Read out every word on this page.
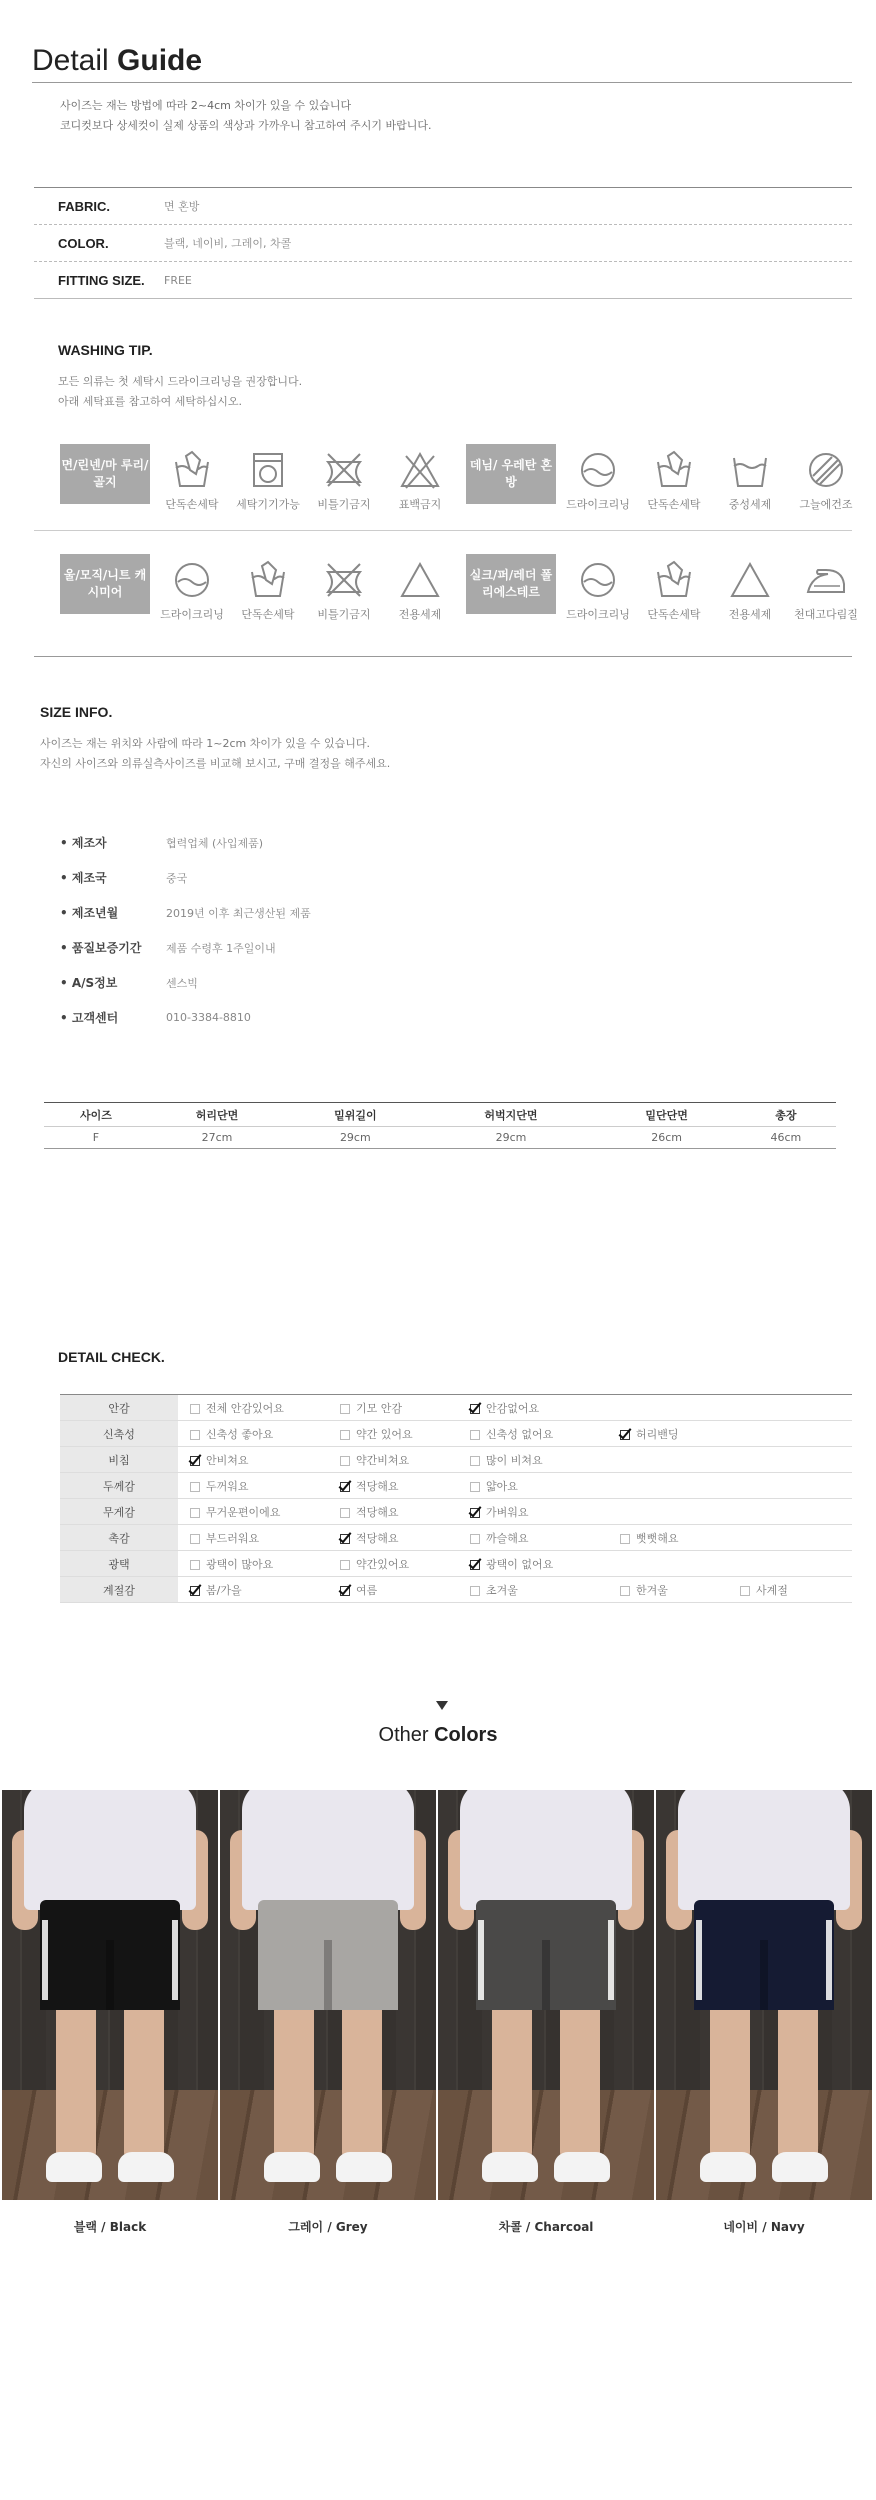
Detail Guide
사이즈는 재는 방법에 따라 2~4cm 차이가 있을 수 있습니다
코디컷보다 상세컷이 실제 상품의 색상과 가까우니 참고하여 주시기 바랍니다.
FABRIC.	면 혼방
COLOR.	블랙, 네이비, 그레이, 차콜
FITTING SIZE.	FREE
WASHING TIP.
모든 의류는 첫 세탁시 드라이크리닝을 권장합니다.
아래 세탁표를 참고하여 세탁하십시오.
면/린넨/마 루리/골지
단독손세탁	세탁기기가능	비틀기금지	표백금지
데님/ 우레탄 혼방
드라이크리닝	단독손세탁	중성세제	그늘에건조
울/모직/니트 캐시미어
드라이크리닝	단독손세탁	비틀기금지	전용세제
실크/퍼/레더 폴리에스테르
드라이크리닝	단독손세탁	전용세제	천대고다림질
SIZE INFO.
사이즈는 재는 위치와 사람에 따라 1~2cm 차이가 있을 수 있습니다.
자신의 사이즈와 의류실측사이즈를 비교해 보시고, 구매 결정을 해주세요.
• 제조자	협력업체 (사입제품)
• 제조국	중국
• 제조년월	2019년 이후 최근생산된 제품
• 품질보증기간	제품 수령후 1주일이내
• A/S정보	센스빅
• 고객센터	010-3384-8810
사이즈	허리단면	밑위길이	허벅지단면	밑단단면	총장
F	27cm	29cm	29cm	26cm	46cm
DETAIL CHECK.
안감	전체 안감있어요	기모 안감	안감없어요		
신축성	신축성 좋아요	약간 있어요	신축성 없어요	허리밴딩	
비침	안비쳐요	약간비쳐요	많이 비쳐요		
두께감	두꺼워요	적당해요	얇아요		
무게감	무거운편이에요	적당해요	가벼워요		
촉감	부드러워요	적당해요	까슬해요	뻣뻣해요	
광택	광택이 많아요	약간있어요	광택이 없어요		
계절감	봄/가을	여름	초겨울	한겨울	사계절
Other Colors
블랙 / Black	그레이 / Grey	차콜 / Charcoal	네이비 / Navy
